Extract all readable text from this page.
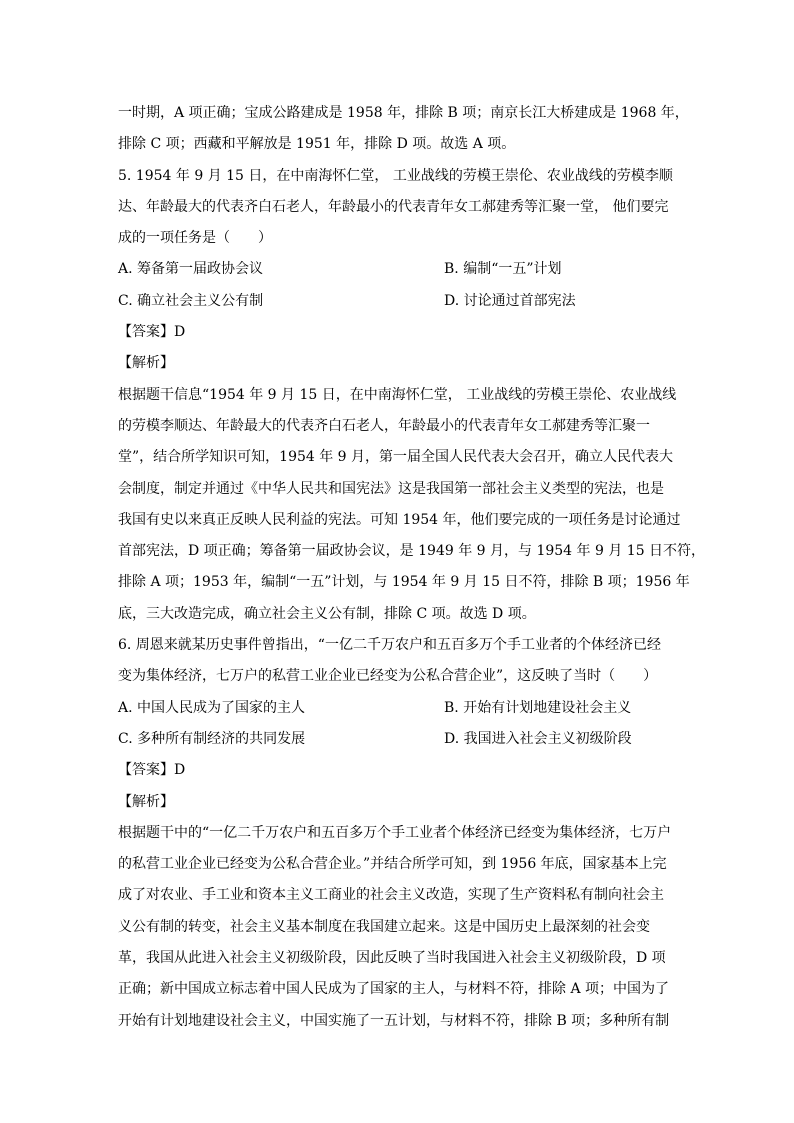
一时期，A 项正确；宝成公路建成是 1958 年，排除 B 项；南京长江大桥建成是 1968 年，
排除 C 项；西藏和平解放是 1951 年，排除 D 项。故选 A 项。
5. 1954 年 9 月 15 日，在中南海怀仁堂， 工业战线的劳模王崇伦、农业战线的劳模李顺
达、年龄最大的代表齐白石老人，年龄最小的代表青年女工郝建秀等汇聚一堂， 他们要完
成的一项任务是（　　）
A. 筹备第一届政协会议	B. 编制“一五”计划
C. 确立社会主义公有制	D. 讨论通过首部宪法
【答案】D
【解析】
根据题干信息“1954 年 9 月 15 日，在中南海怀仁堂， 工业战线的劳模王崇伦、农业战线
的劳模李顺达、年龄最大的代表齐白石老人，年龄最小的代表青年女工郝建秀等汇聚一
堂”，结合所学知识可知，1954 年 9 月，第一届全国人民代表大会召开，确立人民代表大
会制度，制定并通过《中华人民共和国宪法》这是我国第一部社会主义类型的宪法，也是
我国有史以来真正反映人民利益的宪法。可知 1954 年，他们要完成的一项任务是讨论通过
首部宪法，D 项正确；筹备第一届政协会议，是 1949 年 9 月，与 1954 年 9 月 15 日不符，
排除 A 项；1953 年，编制“一五”计划，与 1954 年 9 月 15 日不符，排除 B 项；1956 年
底，三大改造完成，确立社会主义公有制，排除 C 项。故选 D 项。
6. 周恩来就某历史事件曾指出，“一亿二千万农户和五百多万个手工业者的个体经济已经
变为集体经济，七万户的私营工业企业已经变为公私合营企业”，这反映了当时（　　）
A. 中国人民成为了国家的主人	B. 开始有计划地建设社会主义
C. 多种所有制经济的共同发展	D. 我国进入社会主义初级阶段
【答案】D
【解析】
根据题干中的“一亿二千万农户和五百多万个手工业者个体经济已经变为集体经济，七万户
的私营工业企业已经变为公私合营企业。”并结合所学可知，到 1956 年底，国家基本上完
成了对农业、手工业和资本主义工商业的社会主义改造，实现了生产资料私有制向社会主
义公有制的转变，社会主义基本制度在我国建立起来。这是中国历史上最深刻的社会变
革，我国从此进入社会主义初级阶段，因此反映了当时我国进入社会主义初级阶段，D 项
正确；新中国成立标志着中国人民成为了国家的主人，与材料不符，排除 A 项；中国为了
开始有计划地建设社会主义，中国实施了一五计划，与材料不符，排除 B 项；多种所有制
